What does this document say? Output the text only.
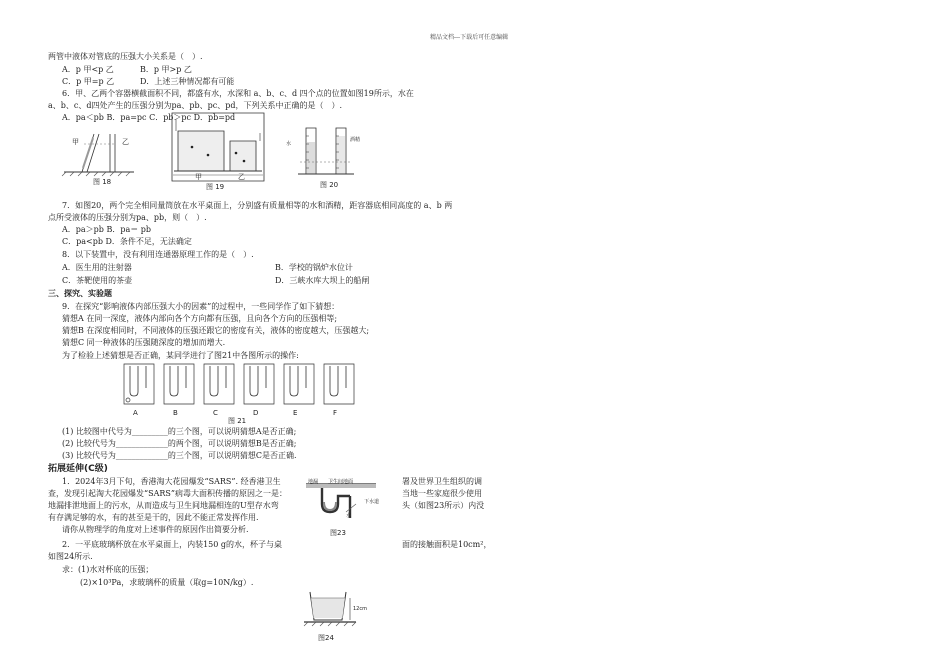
精品文档---下载后可任意编辑
两管中液体对管底的压强大小关系是（　）.
A．p 甲<p 乙	B．p 甲>p 乙
C．p 甲=p 乙	D．上述三种情况都有可能
6．甲、乙两个容器横截面积不同，都盛有水，水深和 a、b、c、d 四个点的位置如图19所示，水在
a、b、c、d四处产生的压强分别为pa、pb、pc、pd，下列关系中正确的是（　）.
A．pa＜pb B．pa=pc C．pb＞pc D．pb=pd
甲	乙
图 18
甲	乙
图 19
水
酒精
图 20
7．如图20，两个完全相同量筒放在水平桌面上，分别盛有质量相等的水和酒精，距容器底相同高度的 a、b 两
点所受液体的压强分别为pa、pb，则（　）.
A．pa＞pb B．pa＝ pb
C．pa<pb D．条件不足，无法确定
8．以下装置中，没有利用连通器原理工作的是（　）.
A．医生用的注射器	B．学校的锅炉水位计
C．茶靶使用的茶壶	D．三峡水库大坝上的船闸
三、探究、实验题
9．在探究“影响液体内部压强大小的因素”的过程中，一些同学作了如下猜想：
猜想A 在同一深度，液体内部向各个方向都有压强，且向各个方向的压强相等;
猜想B 在深度相同时，不同液体的压强还跟它的密度有关，液体的密度越大，压强越大;
猜想C 同一种液体的压强随深度的增加而增大.
为了检验上述猜想是否正确，某同学进行了图21中各图所示的操作:
A	B	C	D	E	F
图 21
(1) 比较图中代号为_________的三个图，可以说明猜想A是否正确;
(2) 比较代号为_____________的两个图，可以说明猜想B是否正确;
(3) 比较代号为_____________的三个图，可以说明猜想C是否正确.
拓展延伸(C级)
1．2024年3月下旬，香港淘大花园爆发“SARS”. 经香港卫生	署及世界卫生组织的调
查，发现引起淘大花园爆发“SARS”病毒大面积传播的原因之一是：	当地一些家庭很少使用
地漏排泄地面上的污水，从而造成与卫生间地漏相连的U型存水弯	头（如图23所示）内没
有存满足够的水，有的甚至是干的，因此不能正常发挥作用.
请你从物理学的角度对上述事件的原因作出简要分析.
地漏 卫生间地面
下水道
水
图23
2．一平底玻璃杯放在水平桌面上，内装150 g的水，杯子与桌	面的接触面积是10cm²，
如图24所示.
求：(1)水对杯底的压强；
(2)×10³Pa，求玻璃杯的质量（取g=10N/kg）.
12cm
图24
